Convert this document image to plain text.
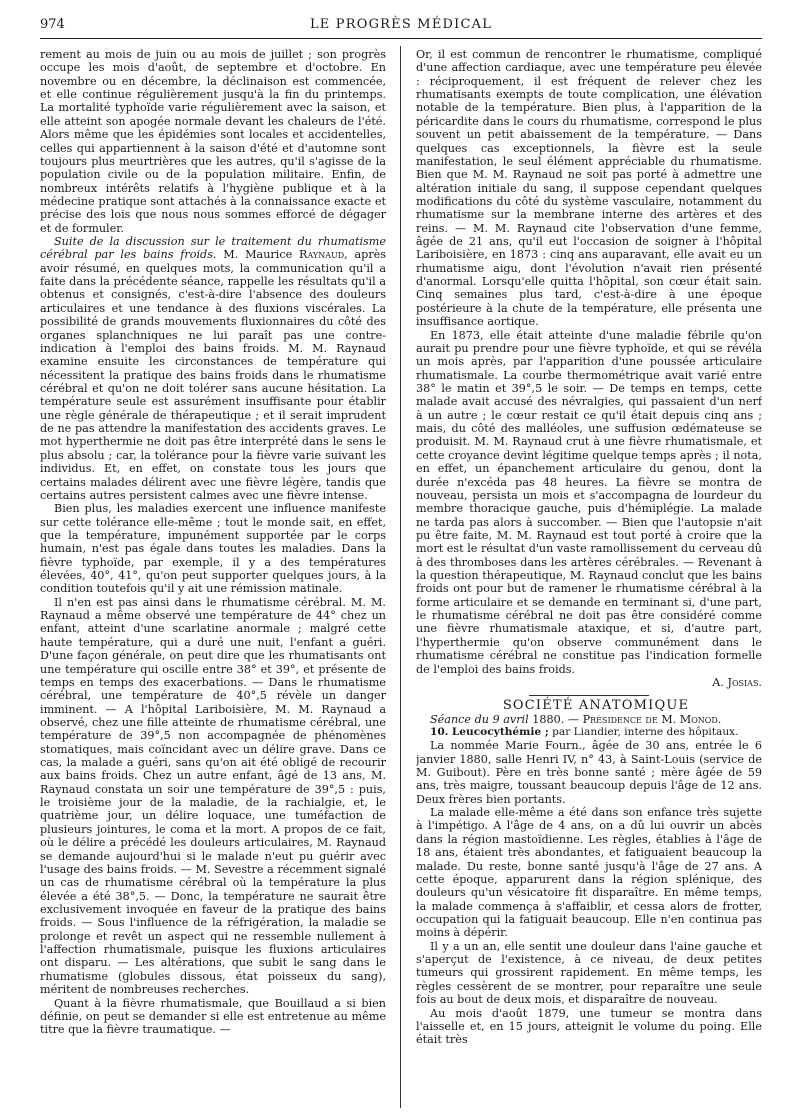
974	LE PROGRÈS MÉDICAL

rement au mois de juin ou au mois de juillet ; son progrès occupe les mois d'août, de septembre et d'octobre. En novembre ou en décembre, la déclinaison est commencée, et elle continue régulièrement jusqu'à la fin du printemps. La mortalité typhoïde varie régulièrement avec la saison, et elle atteint son apogée normale devant les chaleurs de l'été. Alors même que les épidémies sont locales et accidentelles, celles qui appartiennent à la saison d'été et d'automne sont toujours plus meurtrières que les autres, qu'il s'agisse de la population civile ou de la population militaire. Enfin, de nombreux intérêts relatifs à l'hygiène publique et à la médecine pratique sont attachés à la connaissance exacte et précise des lois que nous nous sommes efforcé de dégager et de formuler.

Suite de la discussion sur le traitement du rhumatisme cérébral par les bains froids. M. Maurice Raynaud, après avoir résumé, en quelques mots, la communication qu'il a faite dans la précédente séance, rappelle les résultats qu'il a obtenus et consignés, c'est-à-dire l'absence des douleurs articulaires et une tendance à des fluxions viscérales. La possibilité de grands mouvements fluxionnaires du côté des organes splanchniques ne lui paraît pas une contre-indication à l'emploi des bains froids. M. M. Raynaud examine ensuite les circonstances de température qui nécessitent la pratique des bains froids dans le rhumatisme cérébral et qu'on ne doit tolérer sans aucune hésitation. La température seule est assurément insuffisante pour établir une règle générale de thérapeutique ; et il serait imprudent de ne pas attendre la manifestation des accidents graves. Le mot hyperthermie ne doit pas être interprété dans le sens le plus absolu ; car, la tolérance pour la fièvre varie suivant les individus. Et, en effet, on constate tous les jours que certains malades délirent avec une fièvre légère, tandis que certains autres persistent calmes avec une fièvre intense.

Bien plus, les maladies exercent une influence manifeste sur cette tolérance elle-même ; tout le monde sait, en effet, que la température, impunément supportée par le corps humain, n'est pas égale dans toutes les maladies. Dans la fièvre typhoïde, par exemple, il y a des températures élevées, 40°, 41°, qu'on peut supporter quelques jours, à la condition toutefois qu'il y ait une rémission matinale.

Il n'en est pas ainsi dans le rhumatisme cérébral. M. M. Raynaud a même observé une température de 44° chez un enfant, atteint d'une scarlatine anormale ; malgré cette haute température, qui a duré une nuit, l'enfant a guéri. D'une façon générale, on peut dire que les rhumatisants ont une température qui oscille entre 38° et 39°, et présente de temps en temps des exacerbations. — Dans le rhumatisme cérébral, une température de 40°,5 révèle un danger imminent. — A l'hôpital Lariboisière, M. M. Raynaud a observé, chez une fille atteinte de rhumatisme cérébral, une température de 39°,5 non accompagnée de phénomènes stomatiques, mais coïncidant avec un délire grave. Dans ce cas, la malade a guéri, sans qu'on ait été obligé de recourir aux bains froids. Chez un autre enfant, âgé de 13 ans, M. Raynaud constata un soir une température de 39°,5 : puis, le troisième jour de la maladie, de la rachialgie, et, le quatrième jour, un délire loquace, une tuméfaction de plusieurs jointures, le coma et la mort. A propos de ce fait, où le délire a précédé les douleurs articulaires, M. Raynaud se demande aujourd'hui si le malade n'eut pu guérir avec l'usage des bains froids. — M. Sevestre a récemment signalé un cas de rhumatisme cérébral où la température la plus élevée a été 38°,5. — Donc, la température ne saurait être exclusivement invoquée en faveur de la pratique des bains froids. — Sous l'influence de la réfrigération, la maladie se prolonge et revêt un aspect qui ne ressemble nullement à l'affection rhumatismale, puisque les fluxions articulaires ont disparu. — Les altérations, que subit le sang dans le rhumatisme (globules dissous, état poisseux du sang), méritent de nombreuses recherches.

Quant à la fièvre rhumatismale, que Bouillaud a si bien définie, on peut se demander si elle est entretenue au même titre que la fièvre traumatique. —

Or, il est commun de rencontrer le rhumatisme, compliqué d'une affection cardiaque, avec une température peu élevée : réciproquement, il est fréquent de relever chez les rhumatisants exempts de toute complication, une élévation notable de la température. Bien plus, à l'apparition de la péricardite dans le cours du rhumatisme, correspond le plus souvent un petit abaissement de la température. — Dans quelques cas exceptionnels, la fièvre est la seule manifestation, le seul élément appréciable du rhumatisme. Bien que M. M. Raynaud ne soit pas porté à admettre une altération initiale du sang, il suppose cependant quelques modifications du côté du système vasculaire, notamment du rhumatisme sur la membrane interne des artères et des reins. — M. M. Raynaud cite l'observation d'une femme, âgée de 21 ans, qu'il eut l'occasion de soigner à l'hôpital Lariboisière, en 1873 : cinq ans auparavant, elle avait eu un rhumatisme aigu, dont l'évolution n'avait rien présenté d'anormal. Lorsqu'elle quitta l'hôpital, son cœur était sain. Cinq semaines plus tard, c'est-à-dire à une époque postérieure à la chute de la température, elle présenta une insuffisance aortique.

En 1873, elle était atteinte d'une maladie fébrile qu'on aurait pu prendre pour une fièvre typhoïde, et qui se révéla un mois après, par l'apparition d'une poussée articulaire rhumatismale. La courbe thermométrique avait varié entre 38° le matin et 39°,5 le soir. — De temps en temps, cette malade avait accusé des névralgies, qui passaient d'un nerf à un autre ; le cœur restait ce qu'il était depuis cinq ans ; mais, du côté des malléoles, une suffusion œdémateuse se produisit. M. M. Raynaud crut à une fièvre rhumatismale, et cette croyance devint légitime quelque temps après ; il nota, en effet, un épanchement articulaire du genou, dont la durée n'excéda pas 48 heures. La fièvre se montra de nouveau, persista un mois et s'accompagna de lourdeur du membre thoracique gauche, puis d'hémiplégie. La malade ne tarda pas alors à succomber. — Bien que l'autopsie n'ait pu être faite, M. M. Raynaud est tout porté à croire que la mort est le résultat d'un vaste ramollissement du cerveau dû à des thromboses dans les artères cérébrales. — Revenant à la question thérapeutique, M. Raynaud conclut que les bains froids ont pour but de ramener le rhumatisme cérébral à la forme articulaire et se demande en terminant si, d'une part, le rhumatisme cérébral ne doit pas être considéré comme une fièvre rhumatismale ataxique, et si, d'autre part, l'hyperthermie qu'on observe communément dans le rhumatisme cérébral ne constitue pas l'indication formelle de l'emploi des bains froids.

A. Josias.

SOCIÉTÉ ANATOMIQUE

Séance du 9 avril 1880. — Présidence de M. Monod.

10. Leucocythémie ; par Liandier, interne des hôpitaux.

La nommée Marie Fourn., âgée de 30 ans, entrée le 6 janvier 1880, salle Henri IV, n° 43, à Saint-Louis (service de M. Guibout). Père en très bonne santé ; mère âgée de 59 ans, très maigre, toussant beaucoup depuis l'âge de 12 ans. Deux frères bien portants.

La malade elle-même a été dans son enfance très sujette à l'impétigo. A l'âge de 4 ans, on a dû lui ouvrir un abcès dans la région mastoïdienne. Les règles, établies à l'âge de 18 ans, étaient très abondantes, et fatiguaient beaucoup la malade. Du reste, bonne santé jusqu'à l'âge de 27 ans. A cette époque, apparurent dans la région splénique, des douleurs qu'un vésicatoire fit disparaître. En même temps, la malade commença à s'affaiblir, et cessa alors de frotter, occupation qui la fatiguait beaucoup. Elle n'en continua pas moins à dépérir.

Il y a un an, elle sentit une douleur dans l'aine gauche et s'aperçut de l'existence, à ce niveau, de deux petites tumeurs qui grossirent rapidement. En même temps, les règles cessèrent de se montrer, pour reparaître une seule fois au bout de deux mois, et disparaître de nouveau.

Au mois d'août 1879, une tumeur se montra dans l'aisselle et, en 15 jours, atteignit le volume du poing. Elle était très
